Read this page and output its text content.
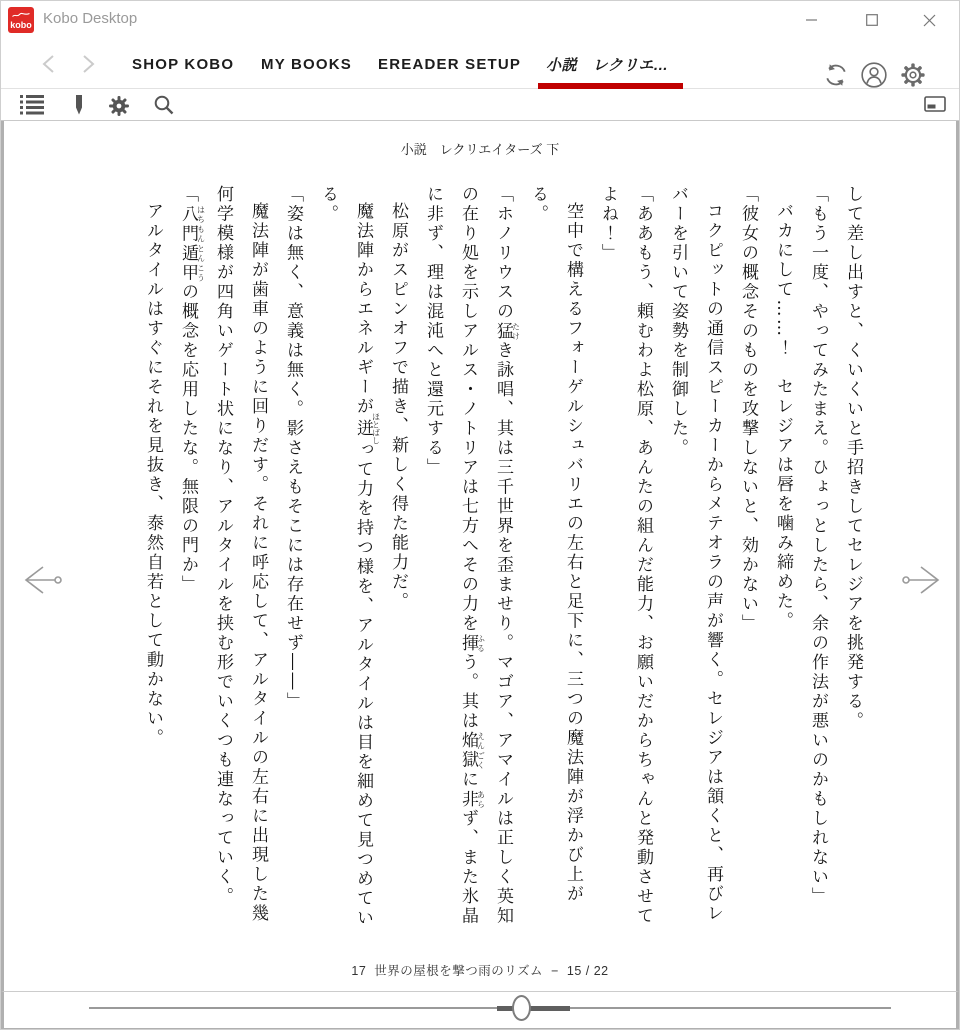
kobo Kobo Desktop
SHOP KOBO MY BOOKS EREADER SETUP 小説　レクリエ...
小説　レクリエイターズ 下

して差し出すと、くいくいと手招きしてセレジアを挑発する。

「もう一度、やってみたまえ。ひょっとしたら、余の作法が悪いのかもしれない」

バカにして……！　セレジアは唇を噛み締めた。

「彼女の概念そのものを攻撃しないと、効かない」

コクピットの通信スピーカーからメテオラの声が響く。セレジアは頷くと、再びレバーを引いて姿勢を制御した。

「ああもう、頼むわよ松原、あんたの組んだ能力、お願いだからちゃんと発動させてよね！」

空中で構えるフォーゲルシュバリエの左右と足下に、三つの魔法陣が浮かび上がる。

「ホノリウスの猛たけき詠唱、其は三千世界を歪ませり。マゴア、アマイルは正しく英知の在り処を示しアルス・ノトリアは七方へその力を揮ふるう。其は焔獄えんごくに非あらず、また氷晶に非ず、理は混沌へと還元する」

松原がスピンオフで描き、新しく得た能力だ。

魔法陣からエネルギーが迸ほとばしって力を持つ様を、アルタイルは目を細めて見つめている。

「姿は無く、意義は無く。影さえもそこには存在せず――」

魔法陣が歯車のように回りだす。それに呼応して、アルタイルの左右に出現した幾何学模様が四角いゲート状になり、アルタイルを挟む形でいくつも連なっていく。

「八門遁甲はちもんとんこうの概念を応用したな。無限の門か」

アルタイルはすぐにそれを見抜き、泰然自若として動かない。

17 世界の屋根を撃つ雨のリズム − 15 / 22
